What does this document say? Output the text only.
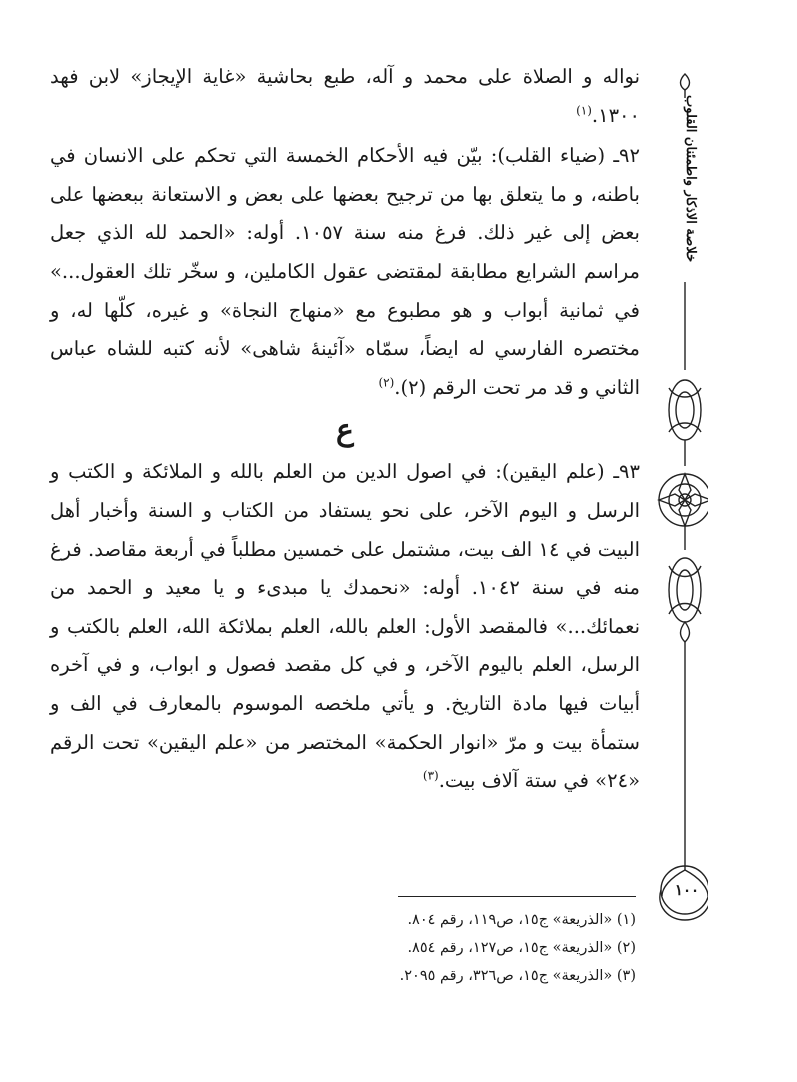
خلاصة الاذكار واطمئنان القلوب
١٠٠

نواله و الصلاة على محمد و آله، طبع بحاشية «غاية الإيجاز» لابن فهد ١٣٠٠.$^{(١)}$

٩٢ـ (ضياء القلب): بيّن فيه الأحكام الخمسة التي تحكم على الانسان في باطنه، و ما يتعلق بها من ترجيح بعضها على بعض و الاستعانة ببعضها على بعض إلى غير ذلك. فرغ منه سنة ١٠٥٧. أوله: «الحمد لله الذي جعل مراسم الشرايع مطابقة لمقتضى عقول الكاملين، و سخّر تلك العقول...» في ثمانية أبواب و هو مطبوع مع «منهاج النجاة» و غيره، كلّها له، و مختصره الفارسي له ايضاً، سمّاه «آئينهٔ شاهى» لأنه كتبه للشاه عباس الثاني و قد مر تحت الرقم (٢).$^{(٢)}$

ع

٩٣ـ (علم اليقين): في اصول الدين من العلم بالله و الملائكة و الكتب و الرسل و اليوم الآخر، على نحو يستفاد من الكتاب و السنة وأخبار أهل البيت في ١٤ الف بيت، مشتمل على خمسين مطلباً في أربعة مقاصد. فرغ منه في سنة ١٠٤٢. أوله: «نحمدك يا مبدىء و يا معيد و الحمد من نعمائك...» فالمقصد الأول: العلم بالله، العلم بملائكة الله، العلم بالكتب و الرسل، العلم باليوم الآخر، و في كل مقصد فصول و ابواب، و في آخره أبيات فيها مادة التاريخ. و يأتي ملخصه الموسوم بالمعارف في الف و ستمأة بيت و مرّ «انوار الحكمة» المختصر من «علم اليقين» تحت الرقم «٢٤» في ستة آلاف بيت.$^{(٣)}$

(١) «الذريعة» ج١٥، ص١١٩، رقم ٨٠٤.

(٢) «الذريعة» ج١٥، ص١٢٧، رقم ٨٥٤.

(٣) «الذريعة» ج١٥، ص٣٢٦، رقم ٢٠٩٥.
